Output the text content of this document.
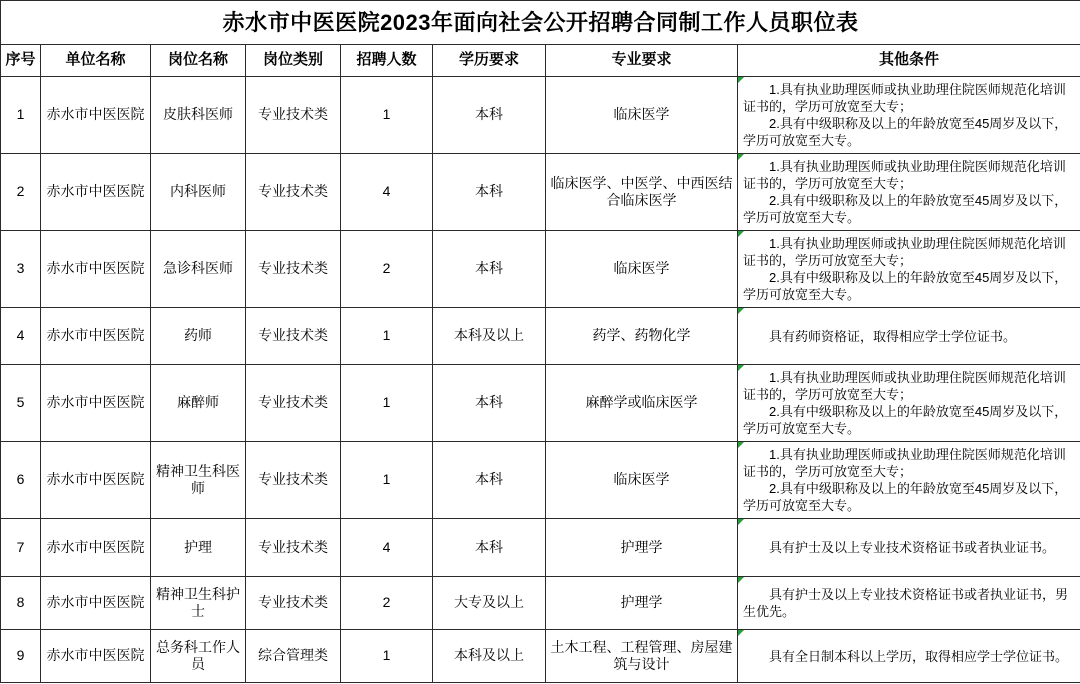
赤水市中医医院2023年面向社会公开招聘合同制工作人员职位表							
序号	单位名称	岗位名称	岗位类别	招聘人数	学历要求	专业要求	其他条件
1	赤水市中医医院	皮肤科医师	专业技术类	1	本科	临床医学	1.具有执业助理医师或执业助理住院医师规范化培训证书的，学历可放宽至大专；
2.具有中级职称及以上的年龄放宽至45周岁及以下，学历可放宽至大专。

2	赤水市中医医院	内科医师	专业技术类	4	本科	临床医学、中医学、中西医结合临床医学	1.具有执业助理医师或执业助理住院医师规范化培训证书的，学历可放宽至大专；
2.具有中级职称及以上的年龄放宽至45周岁及以下，学历可放宽至大专。

3	赤水市中医医院	急诊科医师	专业技术类	2	本科	临床医学	1.具有执业助理医师或执业助理住院医师规范化培训证书的，学历可放宽至大专；
2.具有中级职称及以上的年龄放宽至45周岁及以下，学历可放宽至大专。

4	赤水市中医医院	药师	专业技术类	1	本科及以上	药学、药物化学	具有药师资格证，取得相应学士学位证书。

5	赤水市中医医院	麻醉师	专业技术类	1	本科	麻醉学或临床医学	1.具有执业助理医师或执业助理住院医师规范化培训证书的，学历可放宽至大专；
2.具有中级职称及以上的年龄放宽至45周岁及以下，学历可放宽至大专。

6	赤水市中医医院	精神卫生科医师	专业技术类	1	本科	临床医学	1.具有执业助理医师或执业助理住院医师规范化培训证书的，学历可放宽至大专；
2.具有中级职称及以上的年龄放宽至45周岁及以下，学历可放宽至大专。

7	赤水市中医医院	护理	专业技术类	4	本科	护理学	具有护士及以上专业技术资格证书或者执业证书。

8	赤水市中医医院	精神卫生科护士	专业技术类	2	大专及以上	护理学	具有护士及以上专业技术资格证书或者执业证书，男生优先。

9	赤水市中医医院	总务科工作人员	综合管理类	1	本科及以上	土木工程、工程管理、房屋建筑与设计	具有全日制本科以上学历，取得相应学士学位证书。
